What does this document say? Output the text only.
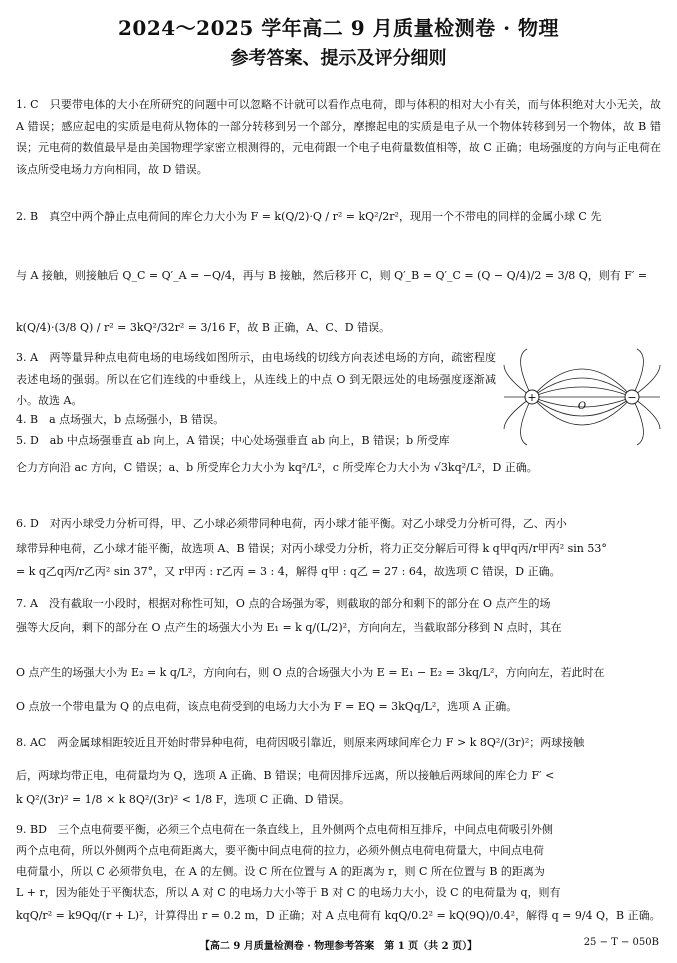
2024～2025 学年高二 9 月质量检测卷 · 物理
参考答案、提示及评分细则
1. C　只要带电体的大小在所研究的问题中可以忽略不计就可以看作点电荷，即与体积的相对大小有关，而与体积绝对大小无关，故 A 错误；感应起电的实质是电荷从物体的一部分转移到另一个部分，摩擦起电的实质是电子从一个物体转移到另一个物体，故 B 错误；元电荷的数值最早是由美国物理学家密立根测得的，元电荷跟一个电子电荷量数值相等，故 C 正确；电场强度的方向与正电荷在该点所受电场力方向相同，故 D 错误。
2. B　真空中两个静止点电荷间的库仑力大小为 F = k(Q/2)·Q / r² = kQ²/2r²，现用一个不带电的同样的金属小球 C 先
与 A 接触，则接触后 Q_C = Q′_A = −Q/4，再与 B 接触，然后移开 C，则 Q′_B = Q′_C = (Q − Q/4)/2 = 3/8 Q，则有 F′ =
k(Q/4)·(3/8 Q) / r² = 3kQ²/32r² = 3/16 F，故 B 正确，A、C、D 错误。
3. A　两等量异种点电荷电场的电场线如图所示，由电场线的切线方向表述电场的方向，疏密程度表述电场的强弱。所以在它们连线的中垂线上，从连线上的中点 O 到无限远处的电场强度逐渐减小。故选 A。
4. B　a 点场强大，b 点场强小，B 错误。
5. D　ab 中点场强垂直 ab 向上，A 错误；中心处场强垂直 ab 向上，B 错误；b 所受库
仑力方向沿 ac 方向，C 错误；a、b 所受库仑力大小为 kq²/L²，c 所受库仑力大小为 √3kq²/L²，D 正确。
+	−
O
6. D　对丙小球受力分析可得，甲、乙小球必须带同种电荷，丙小球才能平衡。对乙小球受力分析可得，乙、丙小
球带异种电荷，乙小球才能平衡，故选项 A、B 错误；对丙小球受力分析，将力正交分解后可得 k q甲q丙/r甲丙² sin 53°
= k q乙q丙/r乙丙² sin 37°，又 r甲丙 : r乙丙 = 3 : 4，解得 q甲 : q乙 = 27 : 64，故选项 C 错误，D 正确。
7. A　没有截取一小段时，根据对称性可知，O 点的合场强为零，则截取的部分和剩下的部分在 O 点产生的场
强等大反向，剩下的部分在 O 点产生的场强大小为 E₁ = k q/(L/2)²，方向向左，当截取部分移到 N 点时，其在
O 点产生的场强大小为 E₂ = k q/L²，方向向右，则 O 点的合场强大小为 E = E₁ − E₂ = 3kq/L²，方向向左，若此时在
O 点放一个带电量为 Q 的点电荷，该点电荷受到的电场力大小为 F = EQ = 3kQq/L²，选项 A 正确。
8. AC　两金属球相距较近且开始时带异种电荷，电荷因吸引靠近，则原来两球间库仑力 F > k 8Q²/(3r)²；两球接触
后，两球均带正电，电荷量均为 Q，选项 A 正确、B 错误；电荷因排斥远离，所以接触后两球间的库仑力 F′ <
k Q²/(3r)² = 1/8 × k 8Q²/(3r)² < 1/8 F，选项 C 正确、D 错误。
9. BD　三个点电荷要平衡，必须三个点电荷在一条直线上，且外侧两个点电荷相互排斥，中间点电荷吸引外侧
两个点电荷，所以外侧两个点电荷距离大，要平衡中间点电荷的拉力，必须外侧点电荷电荷量大，中间点电荷
电荷量小，所以 C 必须带负电，在 A 的左侧。设 C 所在位置与 A 的距离为 r，则 C 所在位置与 B 的距离为
L + r，因为能处于平衡状态，所以 A 对 C 的电场力大小等于 B 对 C 的电场力大小，设 C 的电荷量为 q，则有
kqQ/r² = k9Qq/(r + L)²，计算得出 r = 0.2 m，D 正确；对 A 点电荷有 kqQ/0.2² = kQ(9Q)/0.4²，解得 q = 9/4 Q，B 正确。
【高二 9 月质量检测卷 · 物理参考答案　第 1 页（共 2 页）】	25 − T − 050B
